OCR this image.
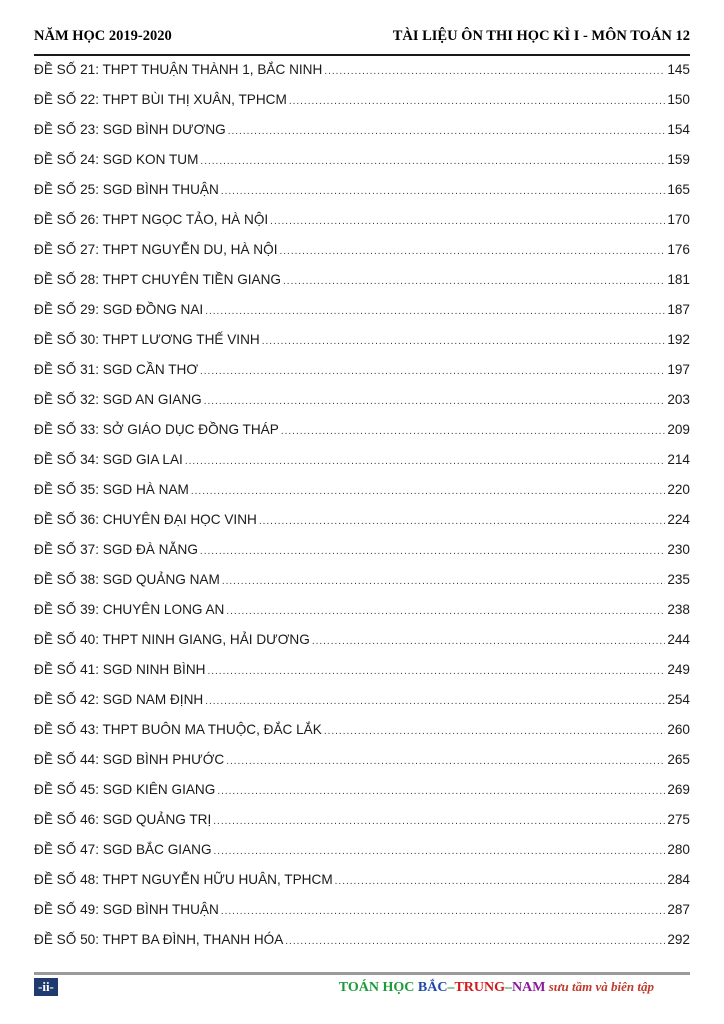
NĂM HỌC 2019-2020	TÀI LIỆU ÔN THI HỌC KÌ I - MÔN TOÁN 12
ĐỀ SỐ 21: THPT THUẬN THÀNH 1, BẮC NINH .....	145
ĐỀ SỐ 22: THPT BÙI THỊ XUÂN, TPHCM .....	150
ĐỀ SỐ 23: SGD BÌNH DƯƠNG .....	154
ĐỀ SỐ 24: SGD KON TUM .....	159
ĐỀ SỐ 25: SGD BÌNH THUẬN .....	165
ĐỀ SỐ 26: THPT NGỌC TẢO, HÀ NỘI .....	170
ĐỀ SỐ 27: THPT NGUYỄN DU, HÀ NỘI .....	176
ĐỀ SỐ 28: THPT CHUYÊN TIỀN GIANG .....	181
ĐỀ SỐ 29: SGD ĐỒNG NAI .....	187
ĐỀ SỐ 30: THPT LƯƠNG THẾ VINH .....	192
ĐỀ SỐ 31: SGD CẦN THƠ .....	197
ĐỀ SỐ 32: SGD AN GIANG .....	203
ĐỀ SỐ 33: SỞ GIÁO DỤC ĐỒNG THÁP .....	209
ĐỀ SỐ 34: SGD GIA LAI .....	214
ĐỀ SỐ 35: SGD HÀ NAM .....	220
ĐỀ SỐ 36: CHUYÊN ĐẠI HỌC VINH .....	224
ĐỀ SỐ 37: SGD ĐÀ NẴNG .....	230
ĐỀ SỐ 38: SGD QUẢNG NAM .....	235
ĐỀ SỐ 39: CHUYÊN LONG AN .....	238
ĐỀ SỐ 40: THPT NINH GIANG, HẢI DƯƠNG .....	244
ĐỀ SỐ 41: SGD NINH BÌNH .....	249
ĐỀ SỐ 42: SGD NAM ĐỊNH .....	254
ĐỀ SỐ 43: THPT BUÔN MA THUỘC, ĐẮC LẮK .....	260
ĐỀ SỐ 44: SGD BÌNH PHƯỚC .....	265
ĐỀ SỐ 45: SGD KIÊN GIANG .....	269
ĐỀ SỐ 46: SGD QUẢNG TRỊ .....	275
ĐỀ SỐ 47: SGD BẮC GIANG .....	280
ĐỀ SỐ 48: THPT NGUYỄN HỮU HUÂN, TPHCM .....	284
ĐỀ SỐ 49: SGD BÌNH THUẬN .....	287
ĐỀ SỐ 50: THPT BA ĐÌNH, THANH HÓA .....	292
-ii-	TOÁN HỌC BẮC–TRUNG–NAM sưu tầm và biên tập
